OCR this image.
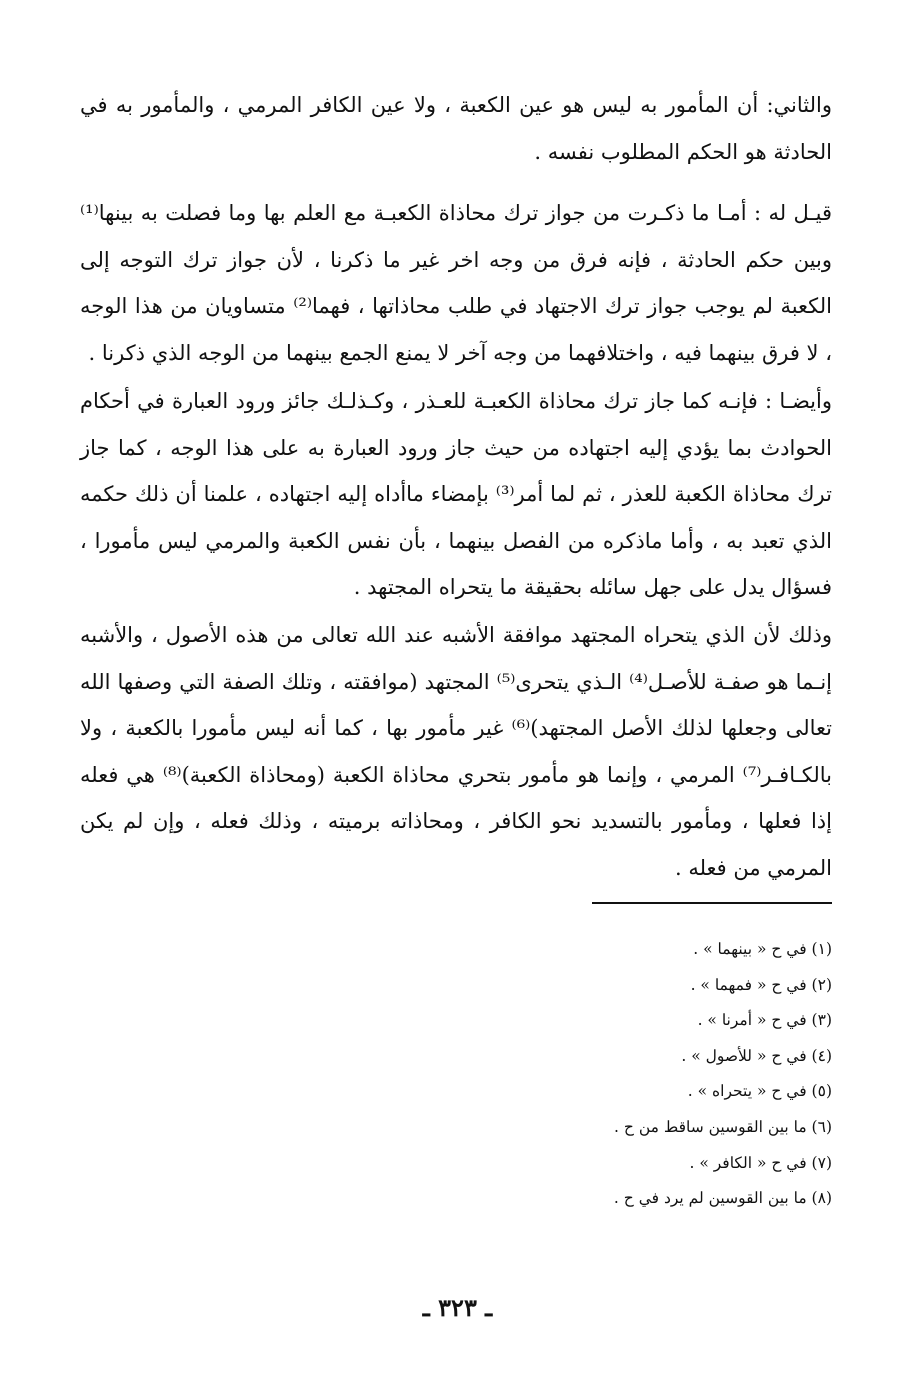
والثاني: أن المأمور به ليس هو عين الكعبة ، ولا عين الكافر المرمي ، والمأمور به في الحادثة هو الحكم المطلوب نفسه .

قيـل له : أمـا ما ذكـرت من جواز ترك محاذاة الكعبـة مع العلم بها وما فصلت به بينها⁽¹⁾ وبين حكم الحادثة ، فإنه فرق من وجه اخر غير ما ذكرنا ، لأن جواز ترك التوجه إلى الكعبة لم يوجب جواز ترك الاجتهاد في طلب محاذاتها ، فهما⁽²⁾ متساويان من هذا الوجه ، لا فرق بينهما فيه ، واختلافهما من وجه آخر لا يمنع الجمع بينهما من الوجه الذي ذكرنا .

وأيضـا : فإنـه كما جاز ترك محاذاة الكعبـة للعـذر ، وكـذلـك جائز ورود العبارة في أحكام الحوادث بما يؤدي إليه اجتهاده من حيث جاز ورود العبارة به على هذا الوجه ، كما جاز ترك محاذاة الكعبة للعذر ، ثم لما أمر⁽³⁾ بإمضاء ماأداه إليه اجتهاده ، علمنا أن ذلك حكمه الذي تعبد به ، وأما ماذكره من الفصل بينهما ، بأن نفس الكعبة والمرمي ليس مأمورا ، فسؤال يدل على جهل سائله بحقيقة ما يتحراه المجتهد .

وذلك لأن الذي يتحراه المجتهد موافقة الأشبه عند الله تعالى من هذه الأصول ، والأشبه إنـما هو صفـة للأصـل⁽⁴⁾ الـذي يتحرى⁽⁵⁾ المجتهد (موافقته ، وتلك الصفة التي وصفها الله تعالى وجعلها لذلك الأصل المجتهد)⁽⁶⁾ غير مأمور بها ، كما أنه ليس مأمورا بالكعبة ، ولا بالكـافـر⁽⁷⁾ المرمي ، وإنما هو مأمور بتحري محاذاة الكعبة (ومحاذاة الكعبة)⁽⁸⁾ هي فعله إذا فعلها ، ومأمور بالتسديد نحو الكافر ، ومحاذاته برميته ، وذلك فعله ، وإن لم يكن المرمي من فعله .

(١) في ح « بينهما » .
(٢) في ح « فمهما » .
(٣) في ح « أمرنا » .
(٤) في ح « للأصول » .
(٥) في ح « يتحراه » .
(٦) ما بين القوسين ساقط من ح .
(٧) في ح « الكافر » .
(٨) ما بين القوسين لم يرد في ح .
ـ ٣٢٣ ـ
